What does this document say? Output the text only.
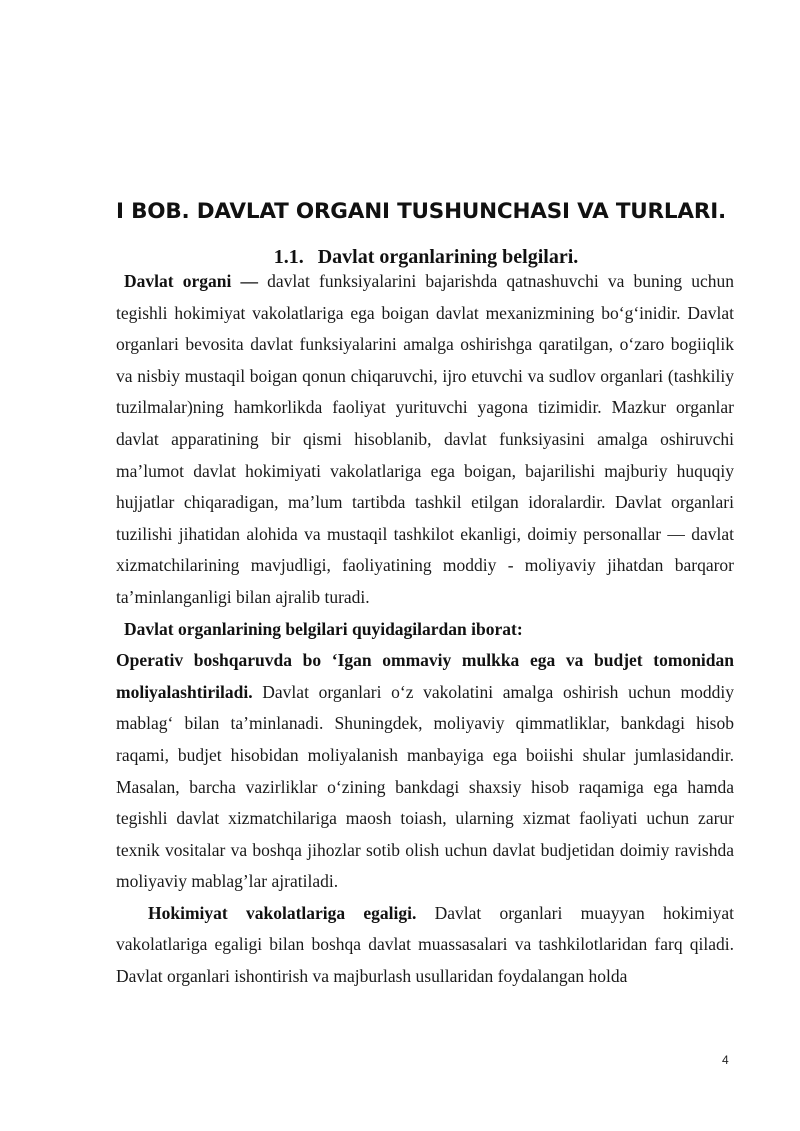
I BOB. DAVLAT ORGANI TUSHUNCHASI VA TURLARI.
1.1. Davlat organlarining belgilari.

Davlat organi — davlat funksiyalarini bajarishda qatnashuvchi va buning uchun tegishli hokimiyat vakolatlariga ega boigan davlat mexanizmining bo‘g‘inidir. Davlat organlari bevosita davlat funksiyalarini amalga oshirishga qaratilgan, o‘zaro bogiiqlik va nisbiy mustaqil boigan qonun chiqaruvchi, ijro etuvchi va sudlov organlari (tashkiliy tuzilmalar)ning hamkorlikda faoliyat yurituvchi yagona tizimidir. Mazkur organlar davlat apparatining bir qismi hisoblanib, davlat funksiyasini amalga oshiruvchi ma’lumot davlat hokimiyati vakolatlariga ega boigan, bajarilishi majburiy huquqiy hujjatlar chiqaradigan, ma’lum tartibda tashkil etilgan idoralardir. Davlat organlari tuzilishi jihatidan alohida va mustaqil tashkilot ekanligi, doimiy personallar — davlat xizmatchilarining mavjudligi, faoliyatining moddiy - moliyaviy jihatdan barqaror ta’minlanganligi bilan ajralib turadi.

Davlat organlarining belgilari quyidagilardan iborat:

Operativ boshqaruvda bo ‘Igan ommaviy mulkka ega va budjet tomonidan moliyalashtiriladi. Davlat organlari o‘z vakolatini amalga oshirish uchun moddiy mablag‘ bilan ta’minlanadi. Shuningdek, moliyaviy qimmatliklar, bankdagi hisob raqami, budjet hisobidan moliyalanish manbayiga ega boiishi shular jumlasidandir. Masalan, barcha vazirliklar o‘zining bankdagi shaxsiy hisob raqamiga ega hamda tegishli davlat xizmatchilariga maosh toiash, ularning xizmat faoliyati uchun zarur texnik vositalar va boshqa jihozlar sotib olish uchun davlat budjetidan doimiy ravishda moliyaviy mablag’lar ajratiladi.

Hokimiyat vakolatlariga egaligi. Davlat organlari muayyan hokimiyat vakolatlariga egaligi bilan boshqa davlat muassasalari va tashkilotlaridan farq qiladi. Davlat organlari ishontirish va majburlash usullaridan foydalangan holda

4
